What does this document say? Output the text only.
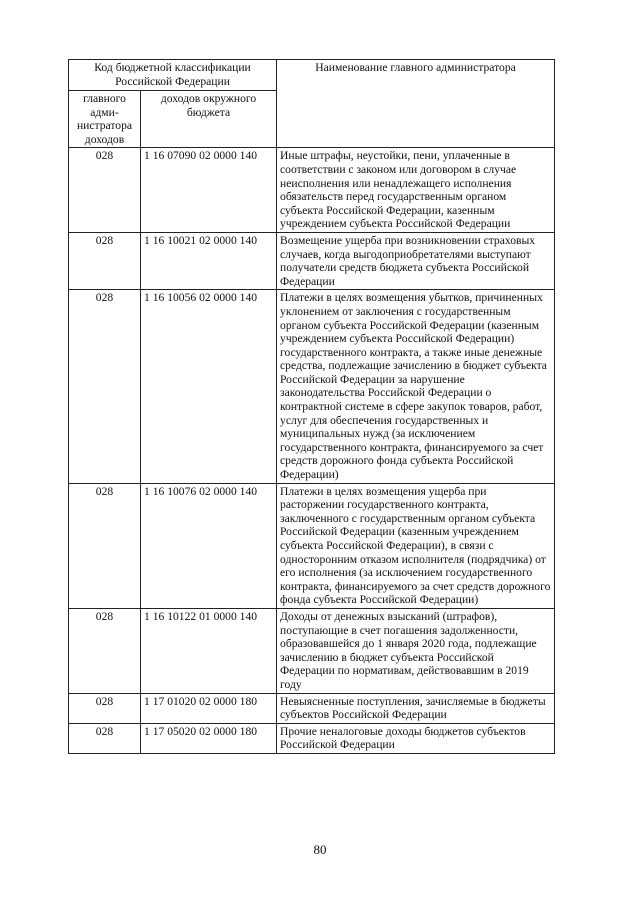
Код бюджетной классификации Российской Федерации		Наименование главного администратора
главного адми-нистратора доходов	доходов окружного бюджета	
028	1 16 07090 02 0000 140	Иные штрафы, неустойки, пени, уплаченные в соответствии с законом или договором в случае неисполнения или ненадлежащего исполнения обязательств перед государственным органом субъекта Российской Федерации, казенным учреждением субъекта Российской Федерации
028	1 16 10021 02 0000 140	Возмещение ущерба при возникновении страховых случаев, когда выгодоприобретателями выступают получатели средств бюджета субъекта Российской Федерации
028	1 16 10056 02 0000 140	Платежи в целях возмещения убытков, причиненных уклонением от заключения с государственным органом субъекта Российской Федерации (казенным учреждением субъекта Российской Федерации) государственного контракта, а также иные денежные средства, подлежащие зачислению в бюджет субъекта Российской Федерации за нарушение законодательства Российской Федерации о контрактной системе в сфере закупок товаров, работ, услуг для обеспечения государственных и муниципальных нужд (за исключением государственного контракта, финансируемого за счет средств дорожного фонда субъекта Российской Федерации)
028	1 16 10076 02 0000 140	Платежи в целях возмещения ущерба при расторжении государственного контракта, заключенного с государственным органом субъекта Российской Федерации (казенным учреждением субъекта Российской Федерации), в связи с односторонним отказом исполнителя (подрядчика) от его исполнения (за исключением государственного контракта, финансируемого за счет средств дорожного фонда субъекта Российской Федерации)
028	1 16 10122 01 0000 140	Доходы от денежных взысканий (штрафов), поступающие в счет погашения задолженности, образовавшейся до 1 января 2020 года, подлежащие зачислению в бюджет субъекта Российской Федерации по нормативам, действовавшим в 2019 году
028	1 17 01020 02 0000 180	Невыясненные поступления, зачисляемые в бюджеты субъектов Российской Федерации
028	1 17 05020 02 0000 180	Прочие неналоговые доходы бюджетов субъектов Российской Федерации
80
